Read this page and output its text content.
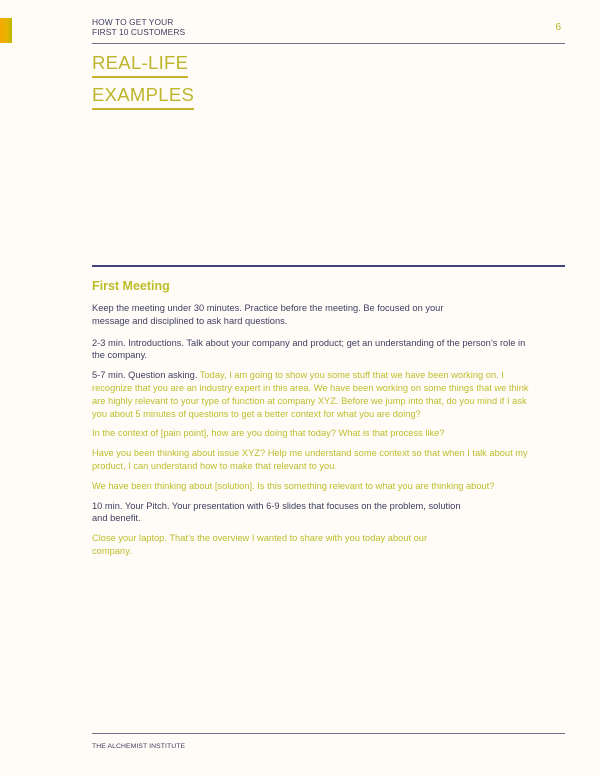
HOW TO GET YOUR
FIRST 10 CUSTOMERS	6
REAL-LIFE
EXAMPLES
First Meeting

Keep the meeting under 30 minutes. Practice before the meeting. Be focused on your message and disciplined to ask hard questions.

2-3 min. Introductions. Talk about your company and product; get an understanding of the person’s role in the company.

5-7 min. Question asking. Today, I am going to show you some stuff that we have been working on. I recognize that you are an industry expert in this area. We have been working on some things that we think are highly relevant to your type of function at company XYZ. Before we jump into that, do you mind if I ask you about 5 minutes of questions to get a better context for what you are doing?

In the context of [pain point], how are you doing that today? What is that process like?

Have you been thinking about issue XYZ? Help me understand some context so that when I talk about my product, I can understand how to make that relevant to you.

We have been thinking about [solution]. Is this something relevant to what you are thinking about?

10 min. Your Pitch. Your presentation with 6-9 slides that focuses on the problem, solution and benefit.

Close your laptop. That’s the overview I wanted to share with you today about our company.

THE ALCHEMIST INSTITUTE
